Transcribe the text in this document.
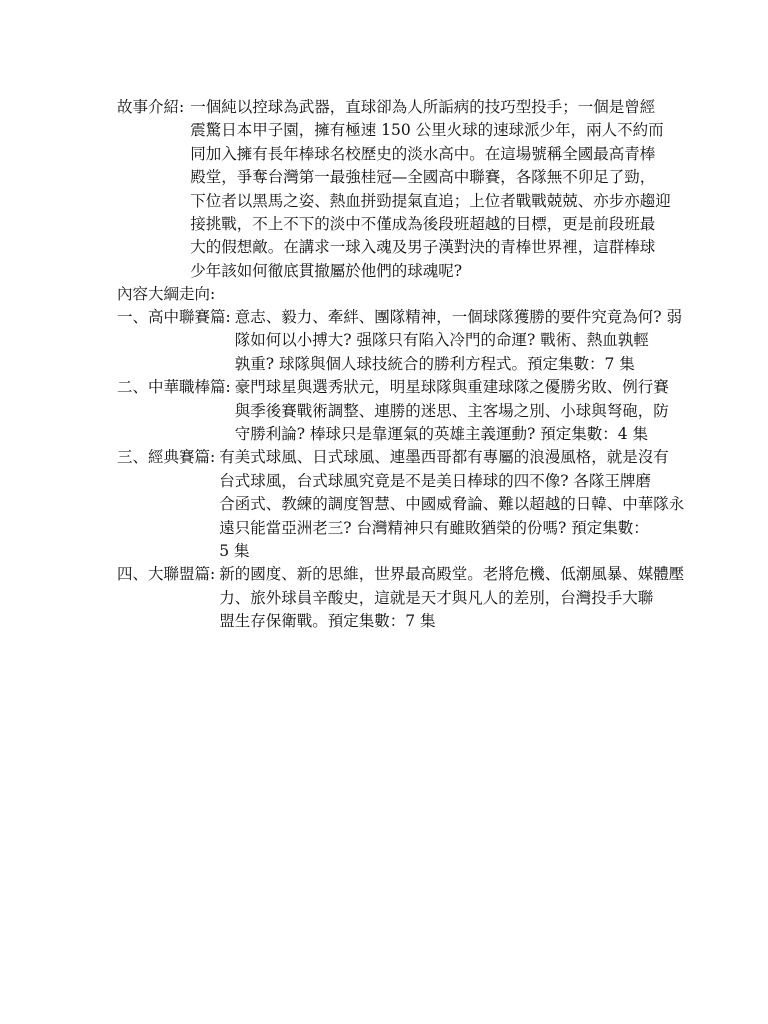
故事介紹: 一個純以控球為武器，直球卻為人所詬病的技巧型投手；一個是曾經
震驚日本甲子園，擁有極速 150 公里火球的速球派少年，兩人不約而
同加入擁有長年棒球名校歷史的淡水高中。在這場號稱全國最高青棒
殿堂，爭奪台灣第一最強桂冠—全國高中聯賽，各隊無不卯足了勁，
下位者以黑馬之姿、熱血拼勁提氣直追；上位者戰戰兢兢、亦步亦趨迎
接挑戰，不上不下的淡中不僅成為後段班超越的目標，更是前段班最
大的假想敵。在講求一球入魂及男子漢對決的青棒世界裡，這群棒球
少年該如何徹底貫撤屬於他們的球魂呢?
內容大綱走向:
一、高中聯賽篇: 意志、毅力、牽絆、團隊精神，一個球隊獲勝的要件究竟為何? 弱
隊如何以小搏大? 强隊只有陷入冷門的命運? 戰術、熱血孰輕
孰重? 球隊與個人球技統合的勝利方程式。預定集數：7 集
二、中華職棒篇: 豪門球星與選秀狀元，明星球隊與重建球隊之優勝劣敗、例行賽
與季後賽戰術調整、連勝的迷思、主客場之別、小球與弩砲，防
守勝利論? 棒球只是靠運氣的英雄主義運動? 預定集數：4 集
三、經典賽篇: 有美式球風、日式球風、連墨西哥都有專屬的浪漫風格，就是沒有
台式球風，台式球風究竟是不是美日棒球的四不像? 各隊王牌磨
合函式、教練的調度智慧、中國威脅論、難以超越的日韓、中華隊永
遠只能當亞洲老三? 台灣精神只有雖敗猶榮的份嗎? 預定集數：
5 集
四、大聯盟篇: 新的國度、新的思維，世界最高殿堂。老將危機、低潮風暴、媒體壓
力、旅外球員辛酸史，這就是天才與凡人的差別，台灣投手大聯
盟生存保衛戰。預定集數：7 集
